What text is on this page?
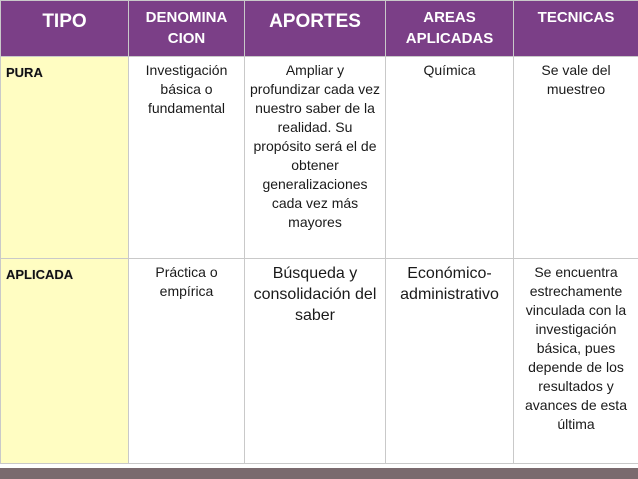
TIPO	DENOMINA CION	APORTES	AREAS APLICADAS	TECNICAS
PURA	Investigación básica o fundamental	Ampliar y profundizar cada vez nuestro saber de la realidad. Su propósito será el de obtener generalizaciones cada vez más mayores	Química	Se vale del muestreo
APLICADA	Práctica o empírica	Búsqueda y consolidación del saber	Económico-administrativo	Se encuentra estrechamente vinculada con la investigación básica, pues depende de los resultados y avances de esta última
